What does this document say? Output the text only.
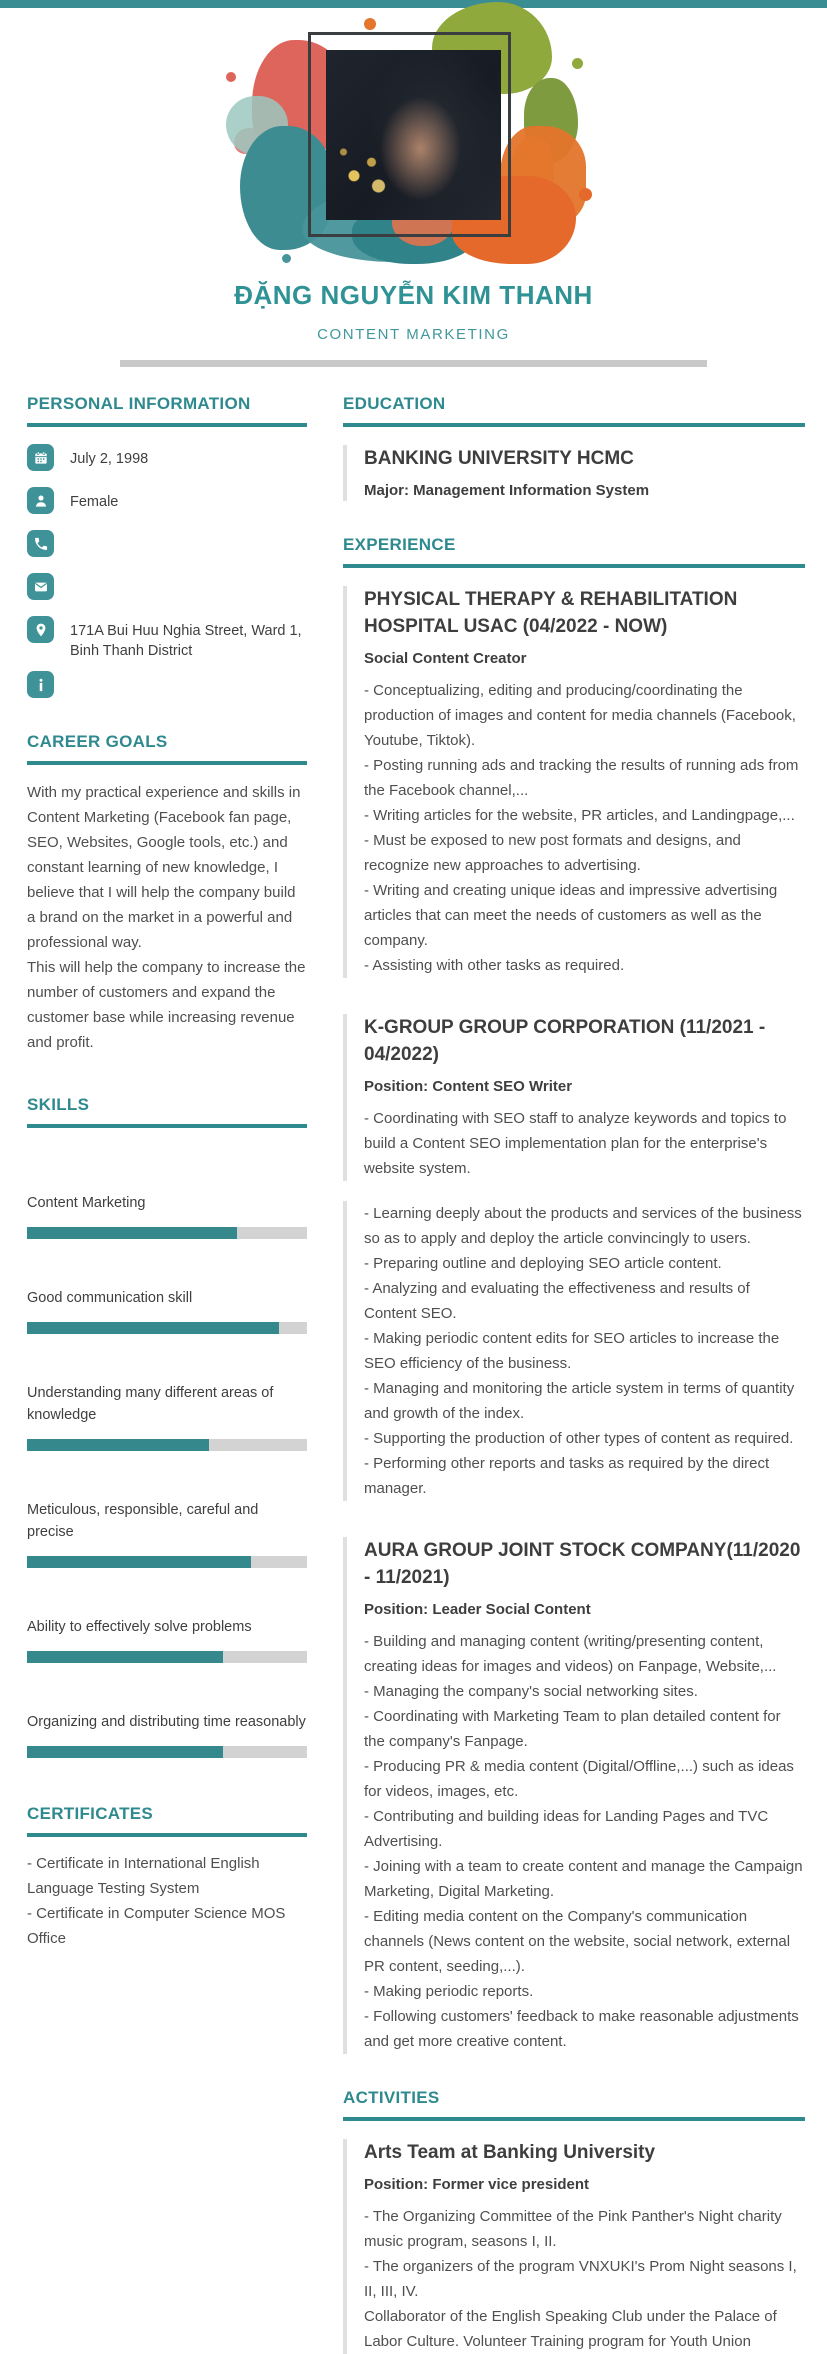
ĐẶNG NGUYỄN KIM THANH
CONTENT MARKETING
PERSONAL INFORMATION
July 2, 1998
Female
171A Bui Huu Nghia Street, Ward 1, Binh Thanh District
CAREER GOALS

With my practical experience and skills in Content Marketing (Facebook fan page, SEO, Websites, Google tools, etc.) and constant learning of new knowledge, I believe that I will help the company build a brand on the market in a powerful and professional way.

This will help the company to increase the number of customers and expand the customer base while increasing revenue and profit.

SKILLS
Content Marketing
Good communication skill
Understanding many different areas of knowledge
Meticulous, responsible, careful and precise
Ability to effectively solve problems
Organizing and distributing time reasonably
CERTIFICATES

- Certificate in International English Language Testing System

- Certificate in Computer Science MOS Office

EDUCATION
BANKING UNIVERSITY HCMC
Major: Management Information System
EXPERIENCE
PHYSICAL THERAPY & REHABILITATION HOSPITAL USAC (04/2022 - NOW)
Social Content Creator

- Conceptualizing, editing and producing/coordinating the production of images and content for media channels (Facebook, Youtube, Tiktok).

- Posting running ads and tracking the results of running ads from the Facebook channel,...

- Writing articles for the website, PR articles, and Landingpage,...

- Must be exposed to new post formats and designs, and recognize new approaches to advertising.

- Writing and creating unique ideas and impressive advertising articles that can meet the needs of customers as well as the company.

- Assisting with other tasks as required.

K-GROUP GROUP CORPORATION (11/2021 - 04/2022)
Position: Content SEO Writer

- Coordinating with SEO staff to analyze keywords and topics to build a Content SEO implementation plan for the enterprise's website system.

- Learning deeply about the products and services of the business so as to apply and deploy the article convincingly to users.

- Preparing outline and deploying SEO article content.

- Analyzing and evaluating the effectiveness and results of Content SEO.

- Making periodic content edits for SEO articles to increase the SEO efficiency of the business.

- Managing and monitoring the article system in terms of quantity and growth of the index.

- Supporting the production of other types of content as required.

- Performing other reports and tasks as required by the direct manager.

AURA GROUP JOINT STOCK COMPANY(11/2020 - 11/2021)
Position: Leader Social Content

- Building and managing content (writing/presenting content, creating ideas for images and videos) on Fanpage, Website,...

- Managing the company's social networking sites.

- Coordinating with Marketing Team to plan detailed content for the company's Fanpage.

- Producing PR & media content (Digital/Offline,...) such as ideas for videos, images, etc.

- Contributing and building ideas for Landing Pages and TVC Advertising.

- Joining with a team to create content and manage the Campaign Marketing, Digital Marketing.

- Editing media content on the Company's communication channels (News content on the website, social network, external PR content, seeding,...).

- Making periodic reports.

- Following customers' feedback to make reasonable adjustments and get more creative content.

ACTIVITIES
Arts Team at Banking University
Position: Former vice president

- The Organizing Committee of the Pink Panther's Night charity music program, seasons I, II.

- The organizers of the program VNXUKI's Prom Night seasons I, II, III, IV.

Collaborator of the English Speaking Club under the Palace of Labor Culture. Volunteer Training program for Youth Union
